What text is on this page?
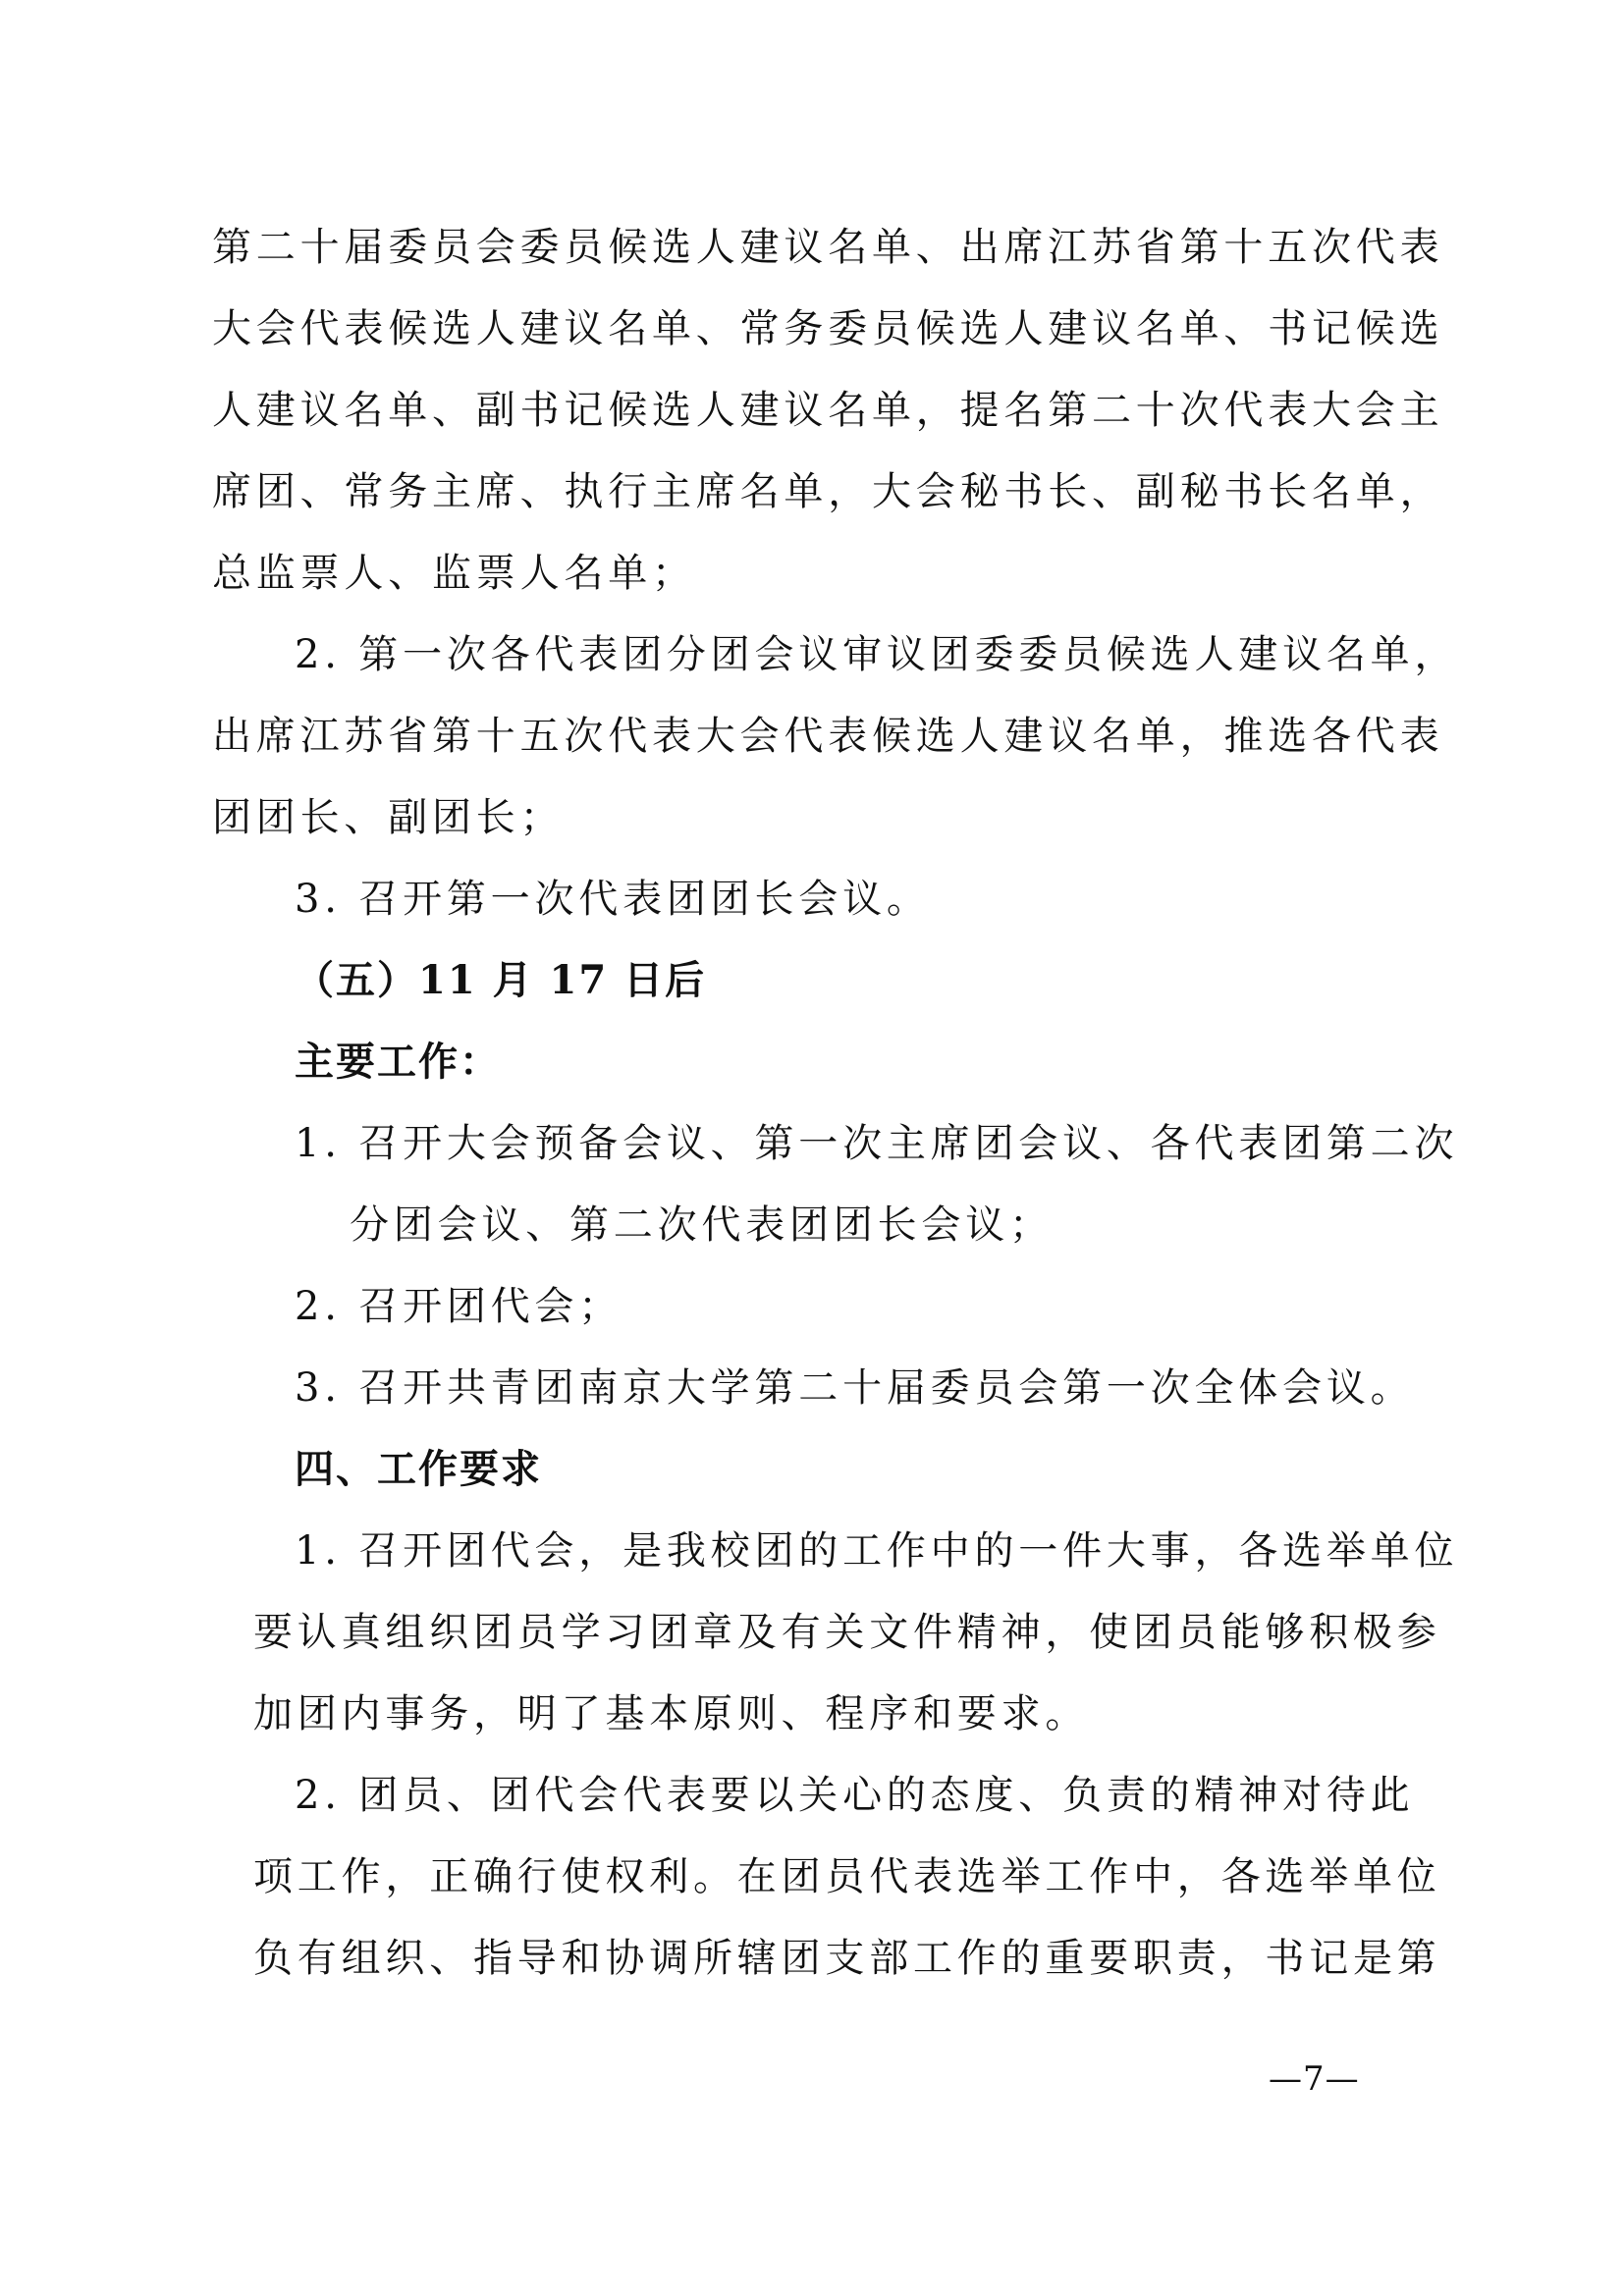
第二十届委员会委员候选人建议名单、出席江苏省第十五次代表
大会代表候选人建议名单、常务委员候选人建议名单、书记候选
人建议名单、副书记候选人建议名单，提名第二十次代表大会主
席团、常务主席、执行主席名单，大会秘书长、副秘书长名单，
总监票人、监票人名单；
2. 第一次各代表团分团会议审议团委委员候选人建议名单，
出席江苏省第十五次代表大会代表候选人建议名单，推选各代表
团团长、副团长；
3. 召开第一次代表团团长会议。
（五）11 月 17 日后
主要工作：
1. 召开大会预备会议、第一次主席团会议、各代表团第二次
分团会议、第二次代表团团长会议；
2. 召开团代会；
3. 召开共青团南京大学第二十届委员会第一次全体会议。
四、工作要求
1. 召开团代会，是我校团的工作中的一件大事，各选举单位
要认真组织团员学习团章及有关文件精神，使团员能够积极参
加团内事务，明了基本原则、程序和要求。
2. 团员、团代会代表要以关心的态度、负责的精神对待此
项工作，正确行使权利。在团员代表选举工作中，各选举单位
负有组织、指导和协调所辖团支部工作的重要职责，书记是第
—7—
